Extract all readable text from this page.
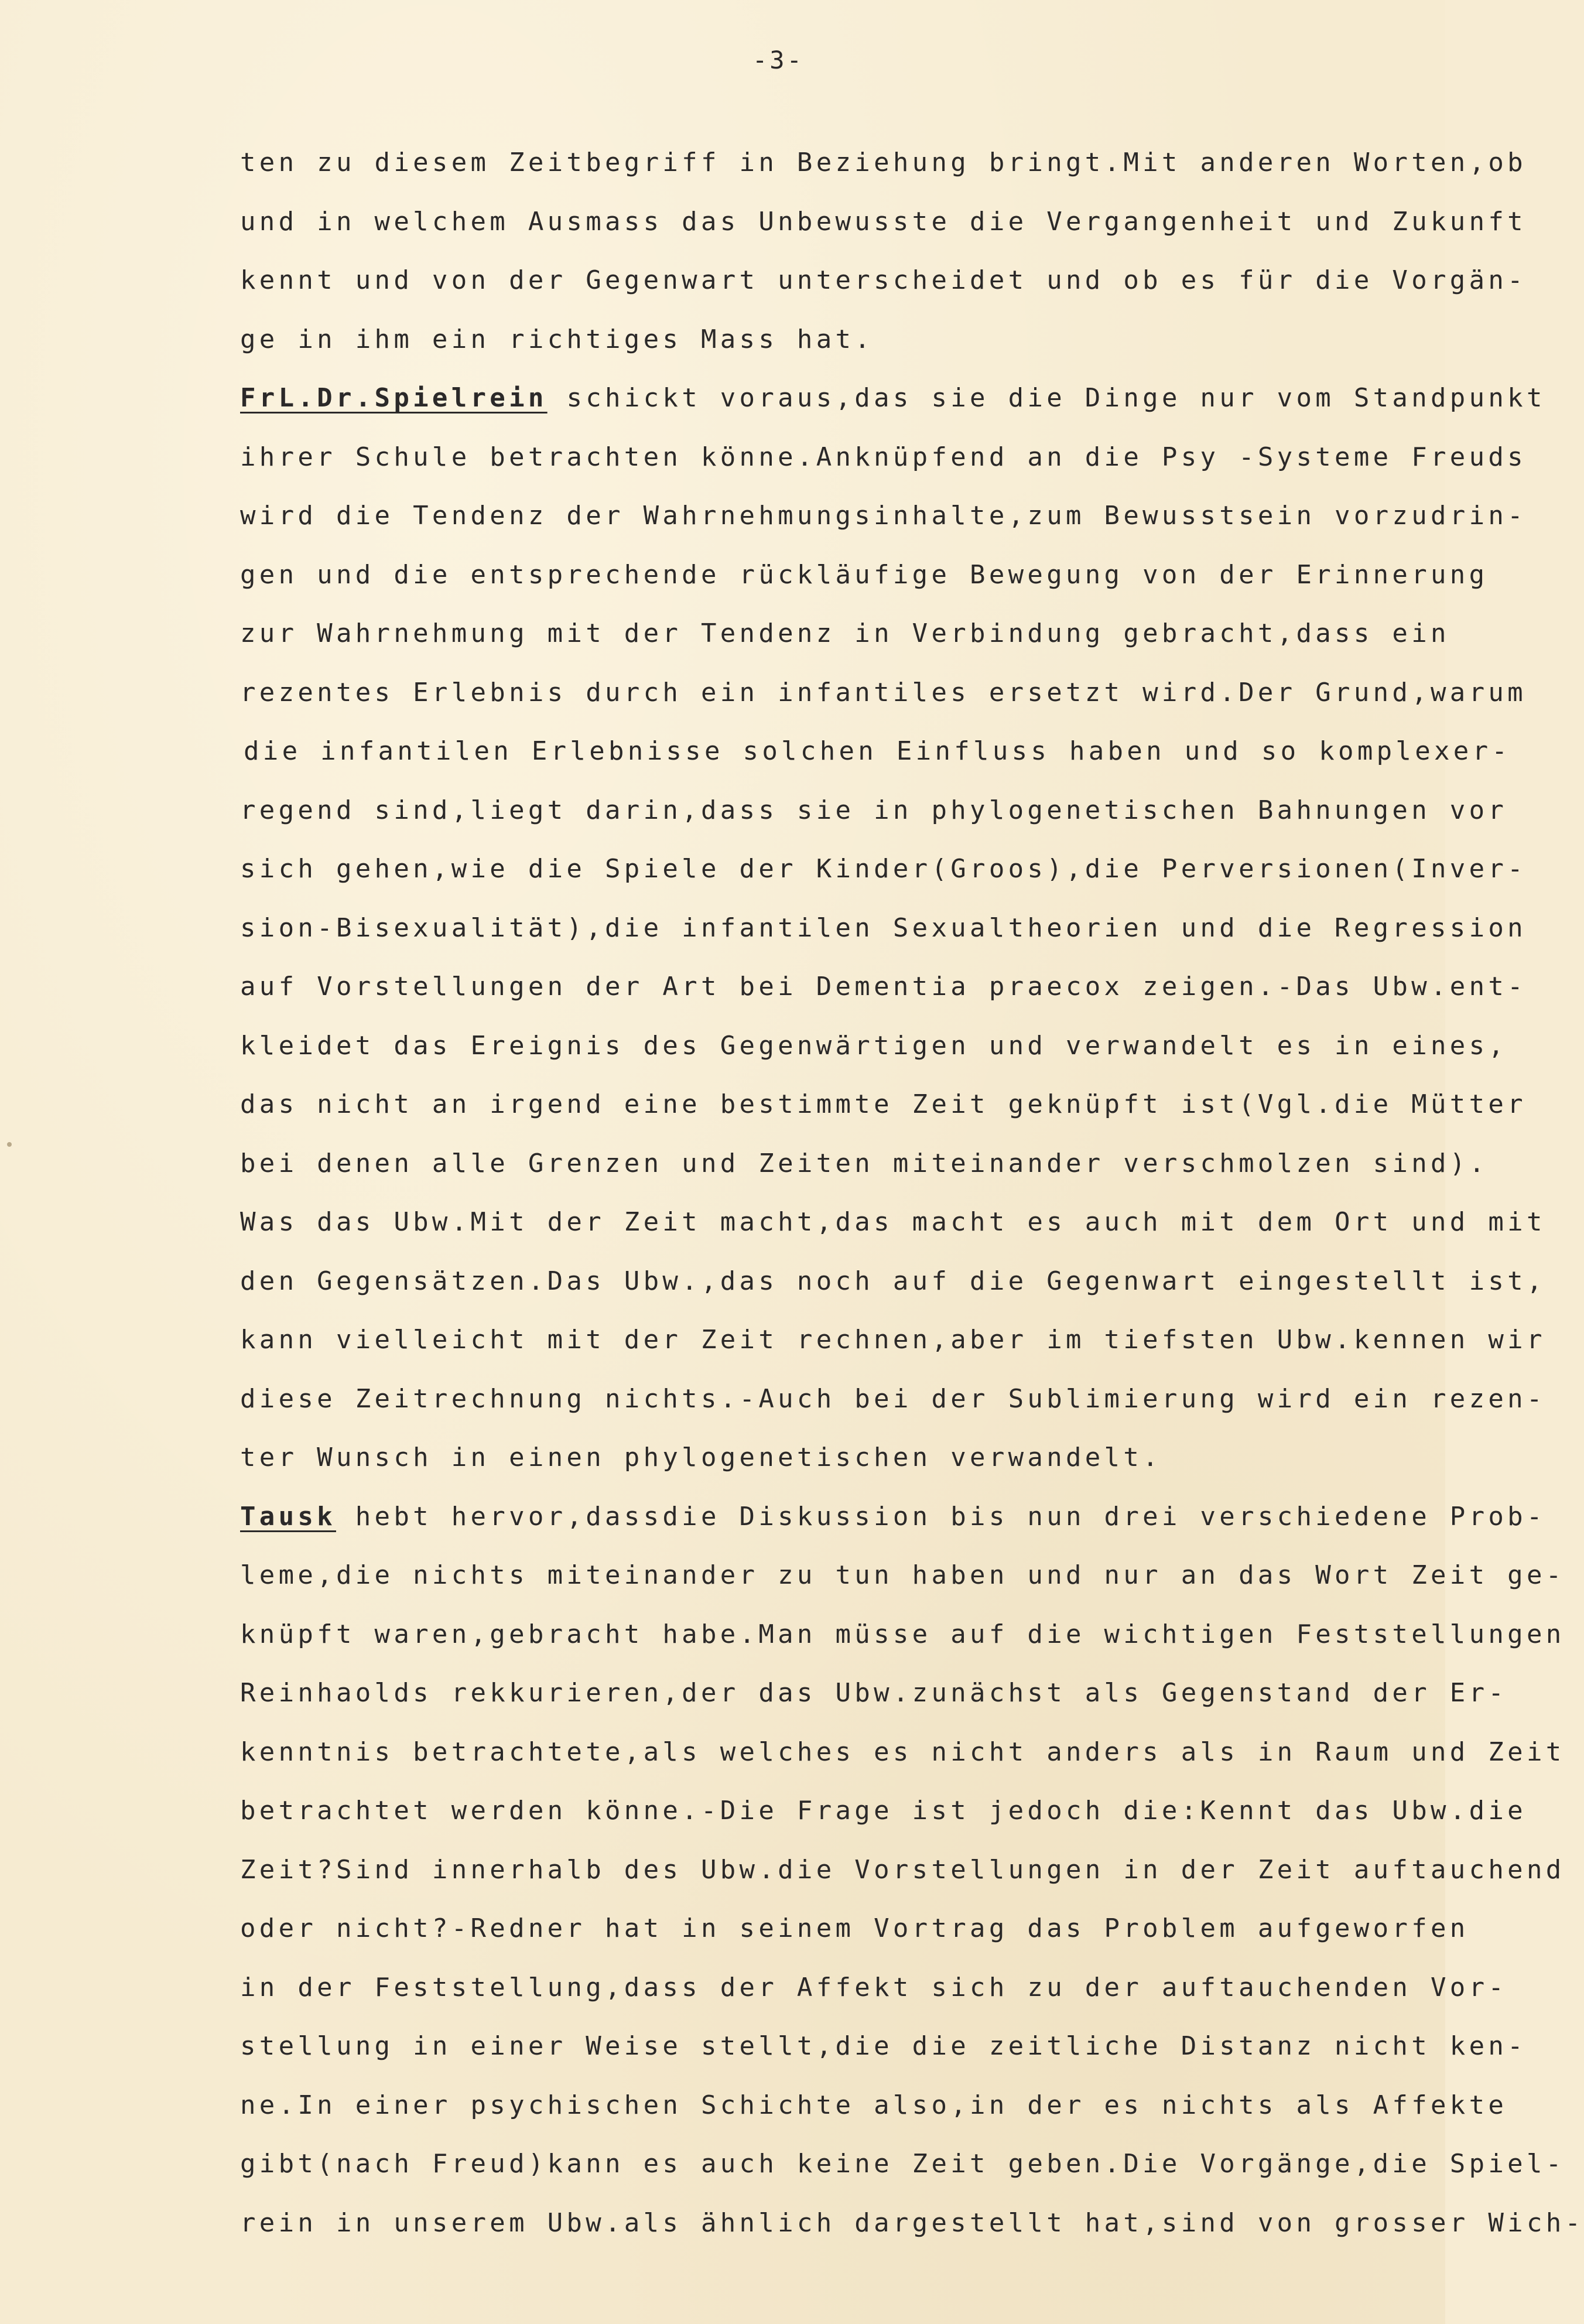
-3-
ten zu diesem Zeitbegriff in Beziehung bringt.Mit anderen Worten,ob
und in welchem Ausmass das Unbewusste die Vergangenheit und Zukunft
kennt und von der Gegenwart unterscheidet und ob es für die Vorgän-
ge in ihm ein richtiges Mass hat.
FrL.Dr.Spielrein schickt voraus,das sie die Dinge nur vom Standpunkt
ihrer Schule betrachten könne.Anknüpfend an die Psy -Systeme Freuds
wird die Tendenz der Wahrnehmungsinhalte,zum Bewusstsein vorzudrin-
gen und die entsprechende rückläufige Bewegung von der Erinnerung
zur Wahrnehmung mit der Tendenz in Verbindung gebracht,dass ein
rezentes Erlebnis durch ein infantiles ersetzt wird.Der Grund,warum
die infantilen Erlebnisse solchen Einfluss haben und so komplexer-
regend sind,liegt darin,dass sie in phylogenetischen Bahnungen vor
sich gehen,wie die Spiele der Kinder(Groos),die Perversionen(Inver-
sion-Bisexualität),die infantilen Sexualtheorien und die Regression
auf Vorstellungen der Art bei Dementia praecox zeigen.-Das Ubw.ent-
kleidet das Ereignis des Gegenwärtigen und verwandelt es in eines,
das nicht an irgend eine bestimmte Zeit geknüpft ist(Vgl.die Mütter
bei denen alle Grenzen und Zeiten miteinander verschmolzen sind).
Was das Ubw.Mit der Zeit macht,das macht es auch mit dem Ort und mit
den Gegensätzen.Das Ubw.,das noch auf die Gegenwart eingestellt ist,
kann vielleicht mit der Zeit rechnen,aber im tiefsten Ubw.kennen wir
diese Zeitrechnung nichts.-Auch bei der Sublimierung wird ein rezen-
ter Wunsch in einen phylogenetischen verwandelt.
Tausk hebt hervor,dassdie Diskussion bis nun drei verschiedene Prob-
leme,die nichts miteinander zu tun haben und nur an das Wort Zeit ge-
knüpft waren,gebracht habe.Man müsse auf die wichtigen Feststellungen
Reinhaolds rekkurieren,der das Ubw.zunächst als Gegenstand der Er-
kenntnis betrachtete,als welches es nicht anders als in Raum und Zeit
betrachtet werden könne.-Die Frage ist jedoch die:Kennt das Ubw.die
Zeit?Sind innerhalb des Ubw.die Vorstellungen in der Zeit auftauchend
oder nicht?-Redner hat in seinem Vortrag das Problem aufgeworfen
in der Feststellung,dass der Affekt sich zu der auftauchenden Vor-
stellung in einer Weise stellt,die die zeitliche Distanz nicht ken-
ne.In einer psychischen Schichte also,in der es nichts als Affekte
gibt(nach Freud)kann es auch keine Zeit geben.Die Vorgänge,die Spiel-
rein in unserem Ubw.als ähnlich dargestellt hat,sind von grosser Wich-
